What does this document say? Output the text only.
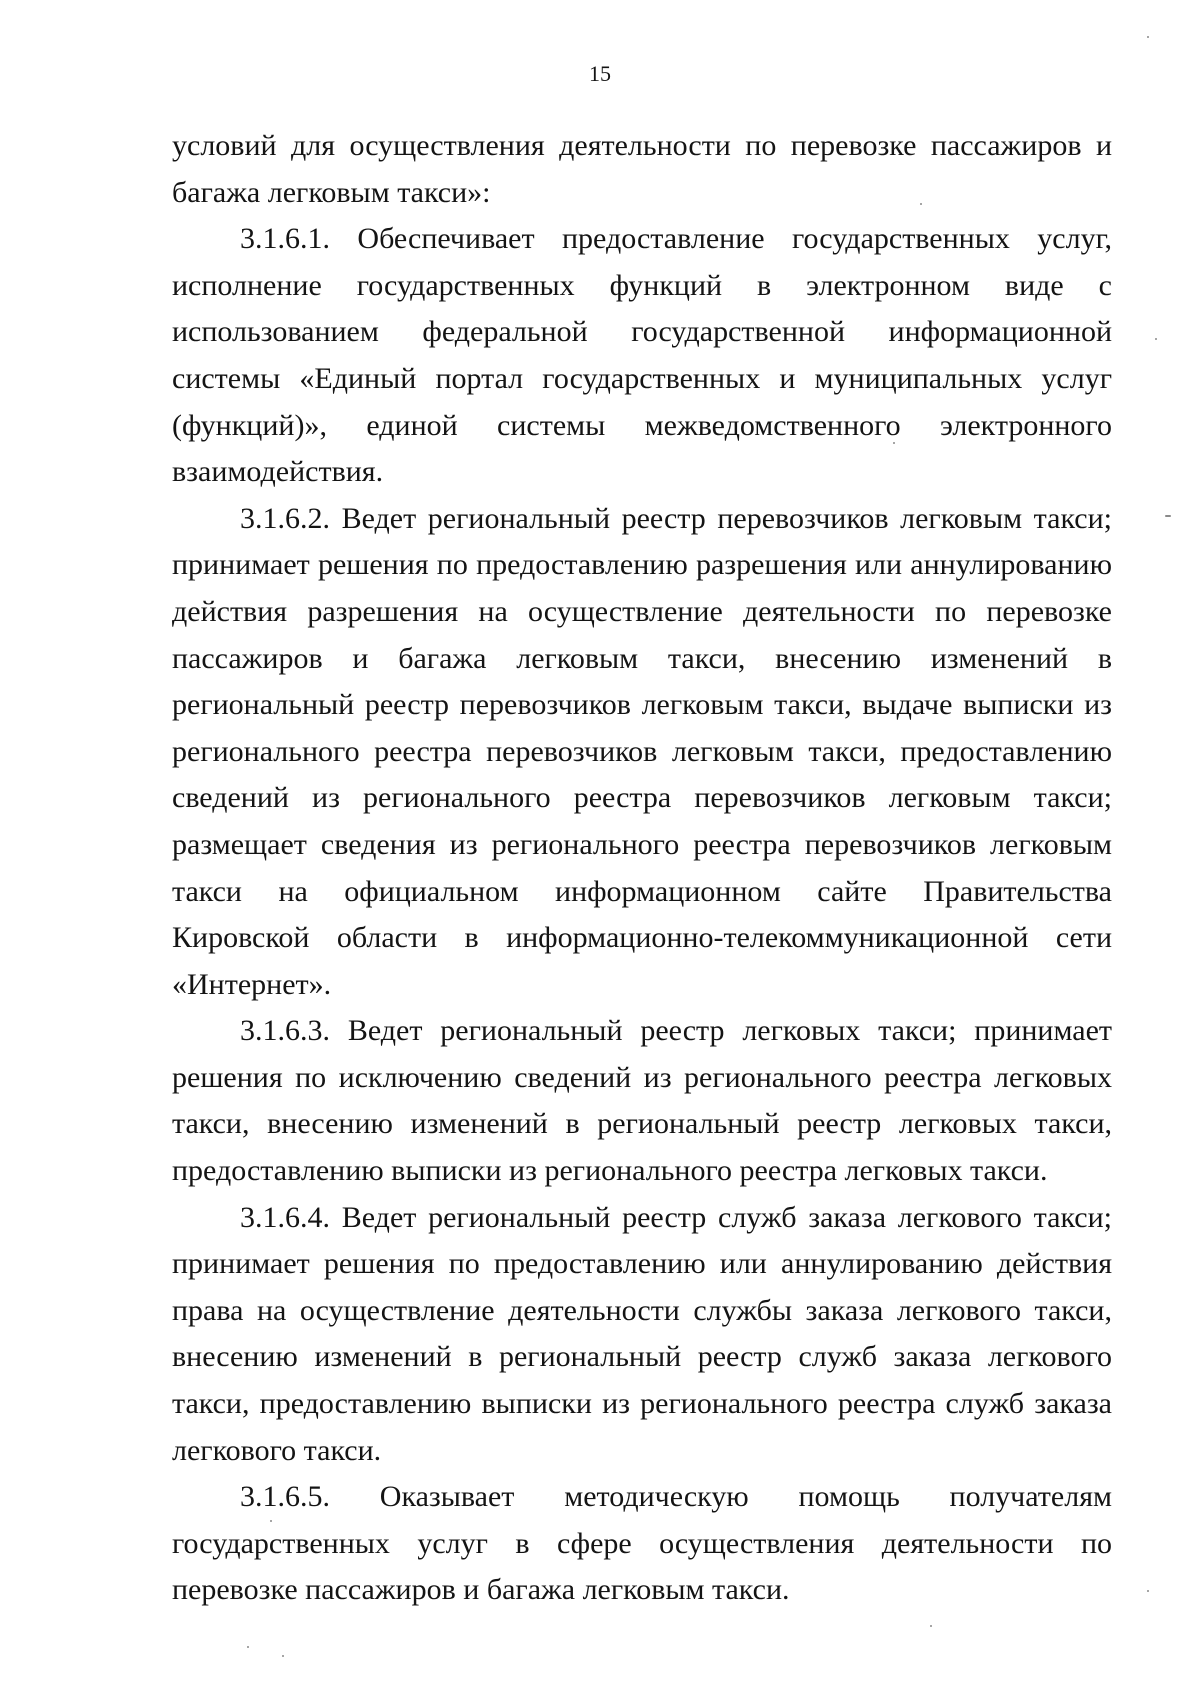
15

условий для осуществления деятельности по перевозке пассажиров и багажа легковым такси»:

3.1.6.1. Обеспечивает предоставление государственных услуг, исполнение государственных функций в электронном виде с использованием федеральной государственной информационной системы «Единый портал государственных и муниципальных услуг (функций)», единой системы межведомственного электронного взаимодействия.

3.1.6.2. Ведет региональный реестр перевозчиков легковым такси; принимает решения по предоставлению разрешения или аннулированию действия разрешения на осуществление деятельности по перевозке пассажиров и багажа легковым такси, внесению изменений в региональный реестр перевозчиков легковым такси, выдаче выписки из регионального реестра перевозчиков легковым такси, предоставлению сведений из регионального реестра перевозчиков легковым такси; размещает сведения из регионального реестра перевозчиков легковым такси на официальном информационном сайте Правительства Кировской области в информационно-телекоммуникационной сети «Интернет».

3.1.6.3. Ведет региональный реестр легковых такси; принимает решения по исключению сведений из регионального реестра легковых такси, внесению изменений в региональный реестр легковых такси, предоставлению выписки из регионального реестра легковых такси.

3.1.6.4. Ведет региональный реестр служб заказа легкового такси; принимает решения по предоставлению или аннулированию действия права на осуществление деятельности службы заказа легкового такси, внесению изменений в региональный реестр служб заказа легкового такси, предоставлению выписки из регионального реестра служб заказа легкового такси.

3.1.6.5. Оказывает методическую помощь получателям государственных услуг в сфере осуществления деятельности по перевозке пассажиров и багажа легковым такси.
